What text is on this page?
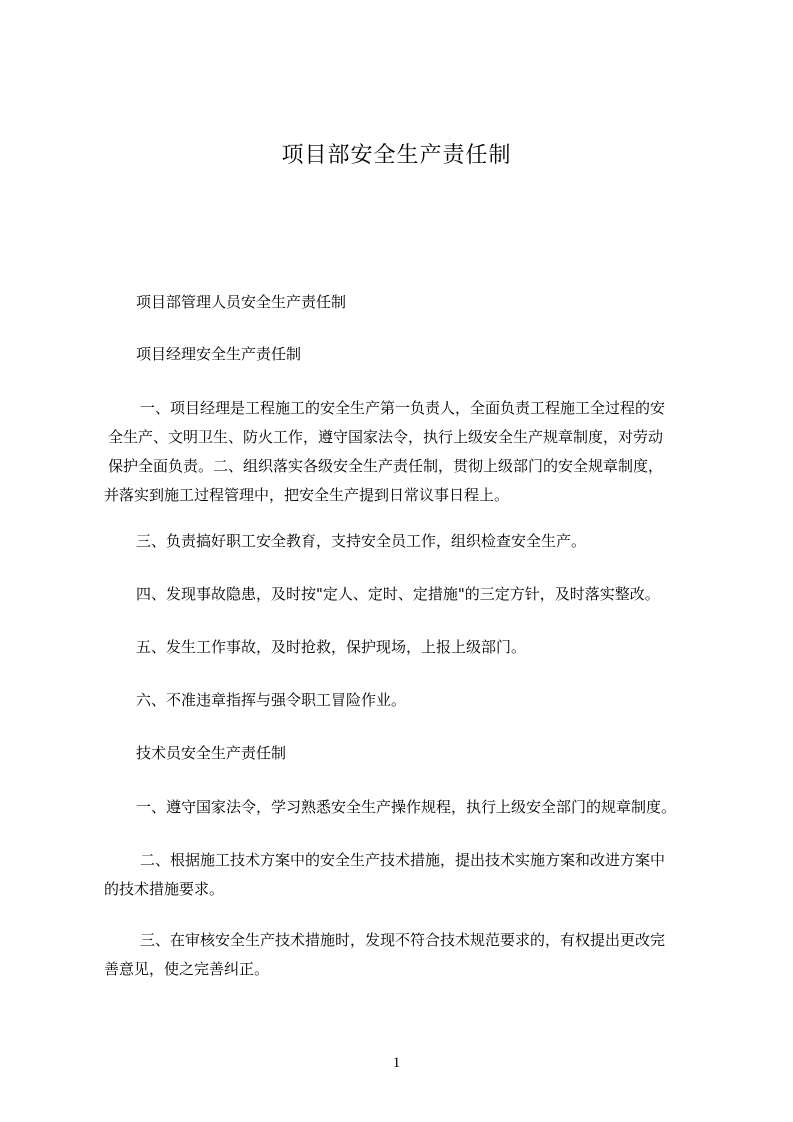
项目部安全生产责任制

项目部管理人员安全生产责任制

项目经理安全生产责任制

一、项目经理是工程施工的安全生产第一负责人，全面负责工程施工全过程的安
全生产、文明卫生、防火工作，遵守国家法令，执行上级安全生产规章制度，对劳动
保护全面负责。二、组织落实各级安全生产责任制，贯彻上级部门的安全规章制度，
并落实到施工过程管理中，把安全生产提到日常议事日程上。

三、负责搞好职工安全教育，支持安全员工作，组织检查安全生产。

四、发现事故隐患，及时按"定人、定时、定措施"的三定方针，及时落实整改。

五、发生工作事故，及时抢救，保护现场，上报上级部门。

六、不准违章指挥与强令职工冒险作业。

技术员安全生产责任制

一、遵守国家法令，学习熟悉安全生产操作规程，执行上级安全部门的规章制度。

二、根据施工技术方案中的安全生产技术措施，提出技术实施方案和改进方案中
的技术措施要求。

三、在审核安全生产技术措施时，发现不符合技术规范要求的，有权提出更改完
善意见，使之完善纠正。

1
